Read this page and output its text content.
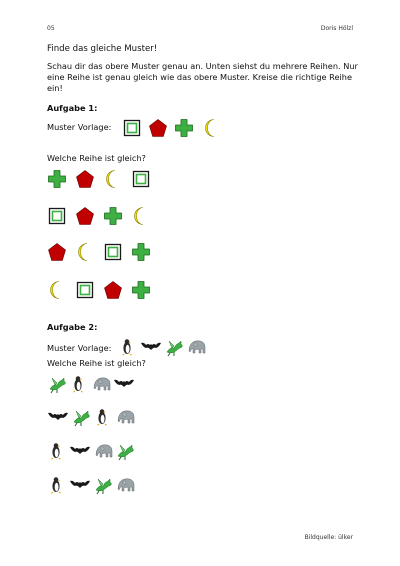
05	Doris Hölzl
Finde das gleiche Muster!
Schau dir das obere Muster genau an. Unten siehst du mehrere Reihen. Nur eine Reihe ist genau gleich wie das obere Muster. Kreise die richtige Reihe ein!
Aufgabe 1:
Muster Vorlage:
Welche Reihe ist gleich?
Aufgabe 2:
Muster Vorlage:
Welche Reihe ist gleich?
Bildquelle: ülker
